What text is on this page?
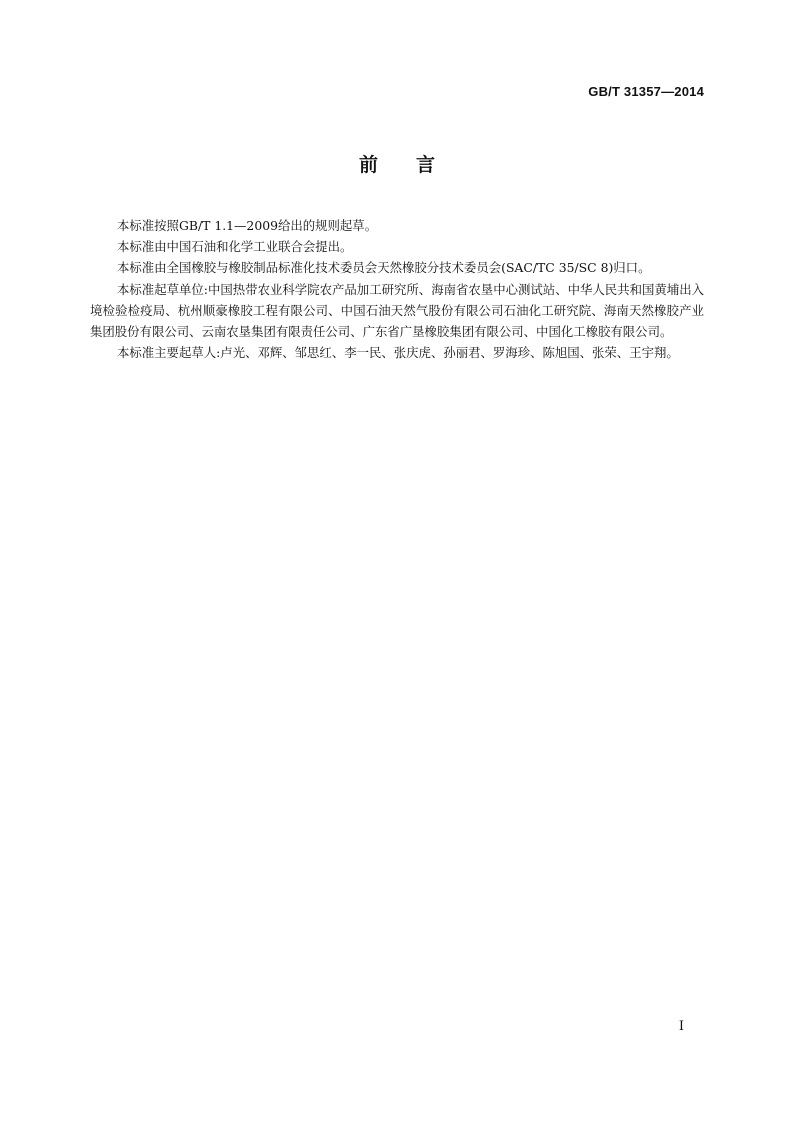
GB/T 31357—2014
前 言

本标准按照GB/T 1.1—2009给出的规则起草。

本标准由中国石油和化学工业联合会提出。

本标准由全国橡胶与橡胶制品标准化技术委员会天然橡胶分技术委员会(SAC/TC 35/SC 8)归口。

本标准起草单位:中国热带农业科学院农产品加工研究所、海南省农垦中心测试站、中华人民共和国黄埔出入境检验检疫局、杭州顺豪橡胶工程有限公司、中国石油天然气股份有限公司石油化工研究院、海南天然橡胶产业集团股份有限公司、云南农垦集团有限责任公司、广东省广垦橡胶集团有限公司、中国化工橡胶有限公司。

本标准主要起草人:卢光、邓辉、邹思红、李一民、张庆虎、孙丽君、罗海珍、陈旭国、张荣、王宇翔。

I
